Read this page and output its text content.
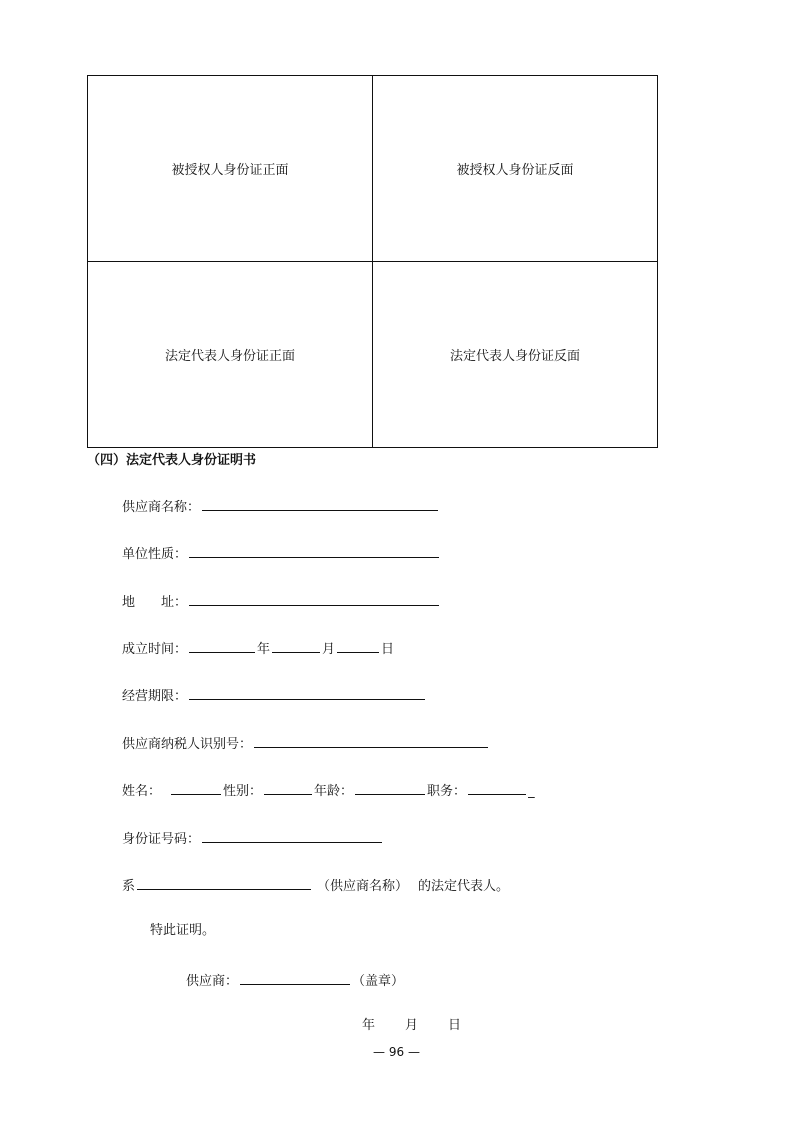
被授权人身份证正面	被授权人身份证反面
法定代表人身份证正面	法定代表人身份证反面
（四）法定代表人身份证明书
供应商名称：
单位性质：
地　　址：
成立时间：	年	月	日
经营期限：
供应商纳税人识别号：
姓名：	性别：	年龄：	职务：	_
身份证号码：
系	（供应商名称） 的法定代表人。
特此证明。
供应商：	（盖章）
年 月 日
— 96 —
